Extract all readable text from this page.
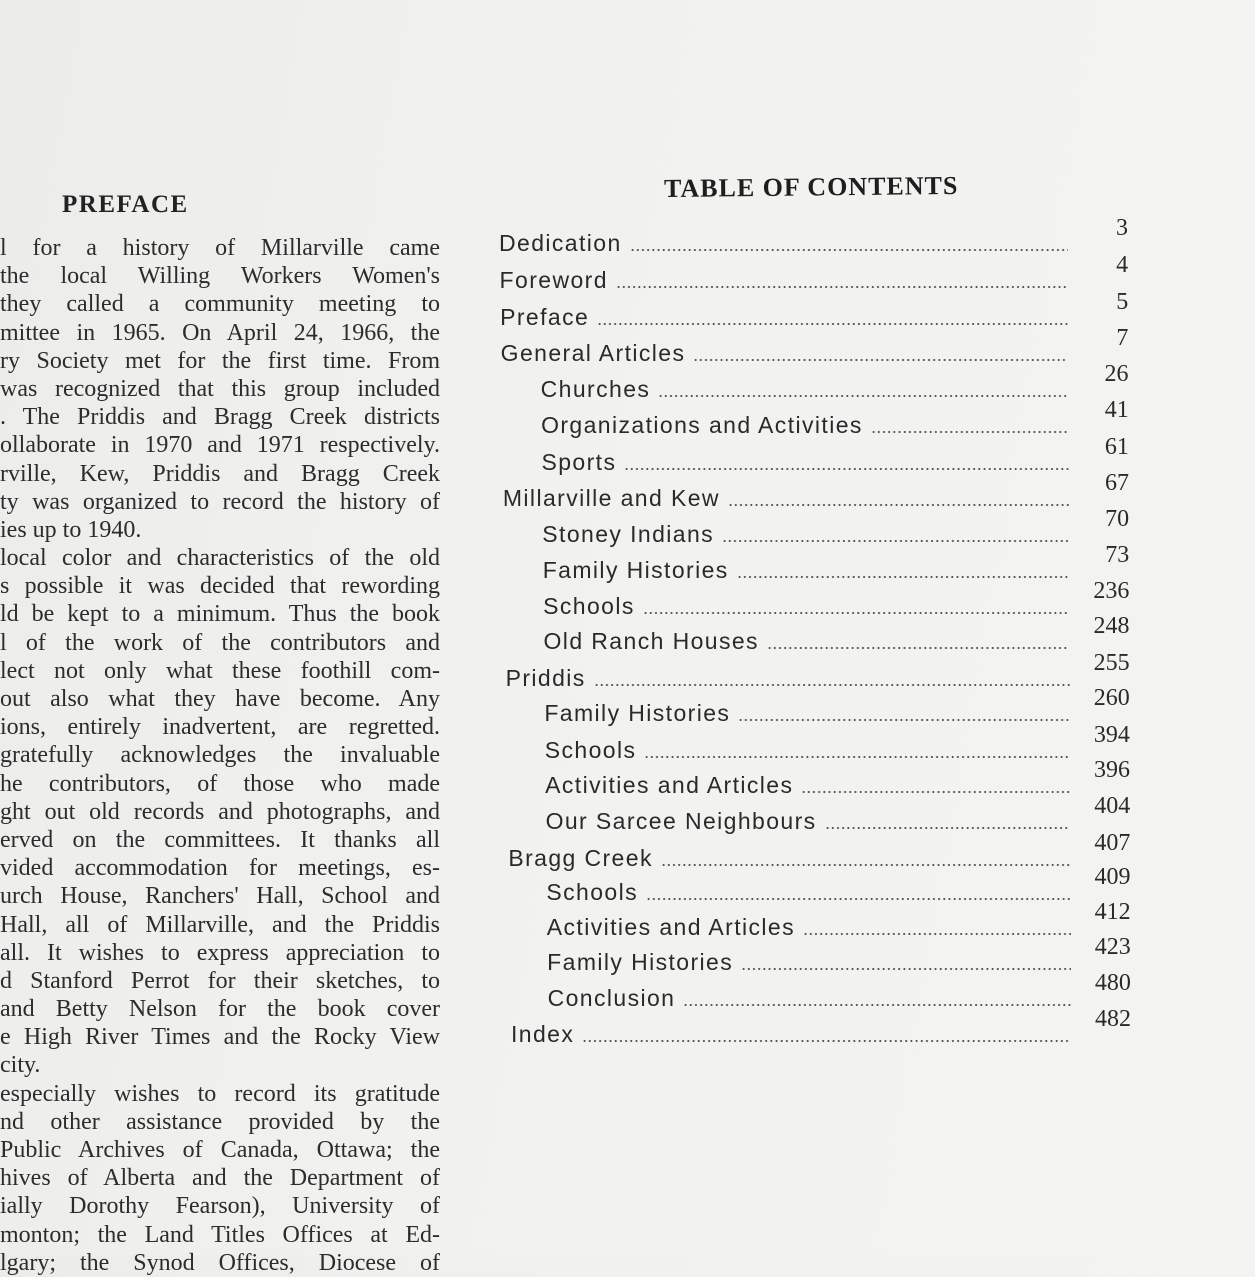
PREFACE
l for a history of Millarville came
the local Willing Workers Women's
they called a community meeting to
mittee in 1965. On April 24, 1966, the
ry Society met for the first time. From
was recognized that this group included
. The Priddis and Bragg Creek districts
ollaborate in 1970 and 1971 respectively.
rville, Kew, Priddis and Bragg Creek
ty was organized to record the history of
ies up to 1940.
local color and characteristics of the old
s possible it was decided that rewording
ld be kept to a minimum. Thus the book
l of the work of the contributors and
lect not only what these foothill com-
out also what they have become. Any
ions, entirely inadvertent, are regretted.
gratefully acknowledges the invaluable
he contributors, of those who made
ght out old records and photographs, and
erved on the committees. It thanks all
vided accommodation for meetings, es-
urch House, Ranchers' Hall, School and
Hall, all of Millarville, and the Priddis
all. It wishes to express appreciation to
d Stanford Perrot for their sketches, to
and Betty Nelson for the book cover
e High River Times and the Rocky View
city.
especially wishes to record its gratitude
nd other assistance provided by the
Public Archives of Canada, Ottawa; the
hives of Alberta and the Department of
ially Dorothy Fearson), University of
monton; the Land Titles Offices at Ed-
lgary; the Synod Offices, Diocese of
TABLE OF CONTENTS
Dedication
3
Foreword
4
Preface
5
General Articles
7
Churches
26
Organizations and Activities
41
Sports
61
Millarville and Kew
67
Stoney Indians
70
Family Histories
73
Schools
236
Old Ranch Houses
248
Priddis
255
Family Histories
260
Schools
394
Activities and Articles
396
Our Sarcee Neighbours
404
Bragg Creek
407
Schools
409
Activities and Articles
412
Family Histories
423
Conclusion
480
Index
482
